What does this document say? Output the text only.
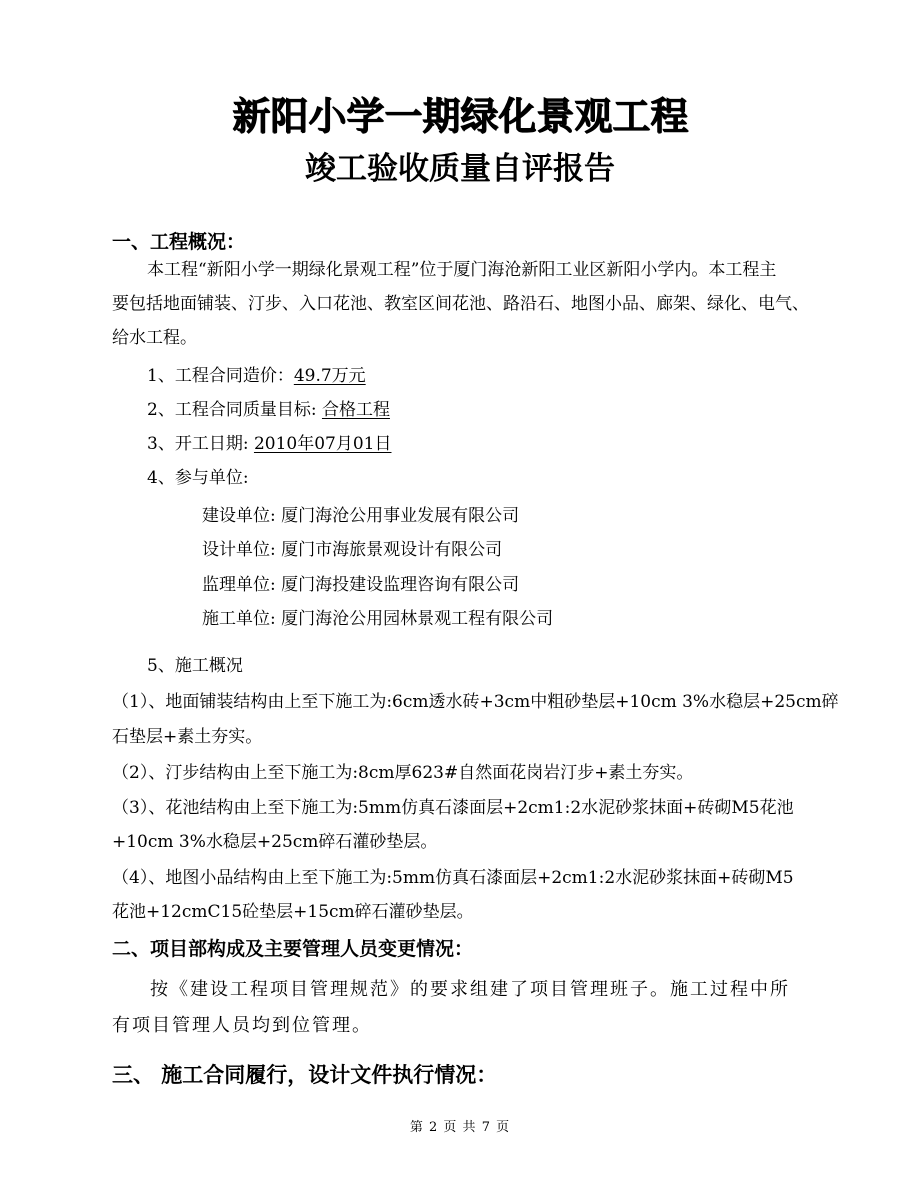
新阳小学一期绿化景观工程
竣工验收质量自评报告
一、工程概况：
本工程“新阳小学一期绿化景观工程”位于厦门海沧新阳工业区新阳小学内。本工程主
要包括地面铺装、汀步、入口花池、教室区间花池、路沿石、地图小品、廊架、绿化、电气、
给水工程。
1、工程合同造价：49.7万元
2、工程合同质量目标: 合格工程
3、开工日期: 2010年07月01日
4、参与单位:
建设单位: 厦门海沧公用事业发展有限公司
设计单位: 厦门市海旅景观设计有限公司
监理单位: 厦门海投建设监理咨询有限公司
施工单位: 厦门海沧公用园林景观工程有限公司
5、施工概况
（1）、地面铺装结构由上至下施工为:6cm透水砖+3cm中粗砂垫层+10cm 3%水稳层+25cm碎
石垫层+素土夯实。
（2）、汀步结构由上至下施工为:8cm厚623#自然面花岗岩汀步+素土夯实。
（3）、花池结构由上至下施工为:5mm仿真石漆面层+2cm1:2水泥砂浆抹面+砖砌M5花池
+10cm 3%水稳层+25cm碎石灌砂垫层。
（4）、地图小品结构由上至下施工为:5mm仿真石漆面层+2cm1:2水泥砂浆抹面+砖砌M5
花池+12cmC15砼垫层+15cm碎石灌砂垫层。
二、项目部构成及主要管理人员变更情况：
按《建设工程项目管理规范》的要求组建了项目管理班子。施工过程中所
有项目管理人员均到位管理。
三、 施工合同履行，设计文件执行情况：
第 2 页 共 7 页
